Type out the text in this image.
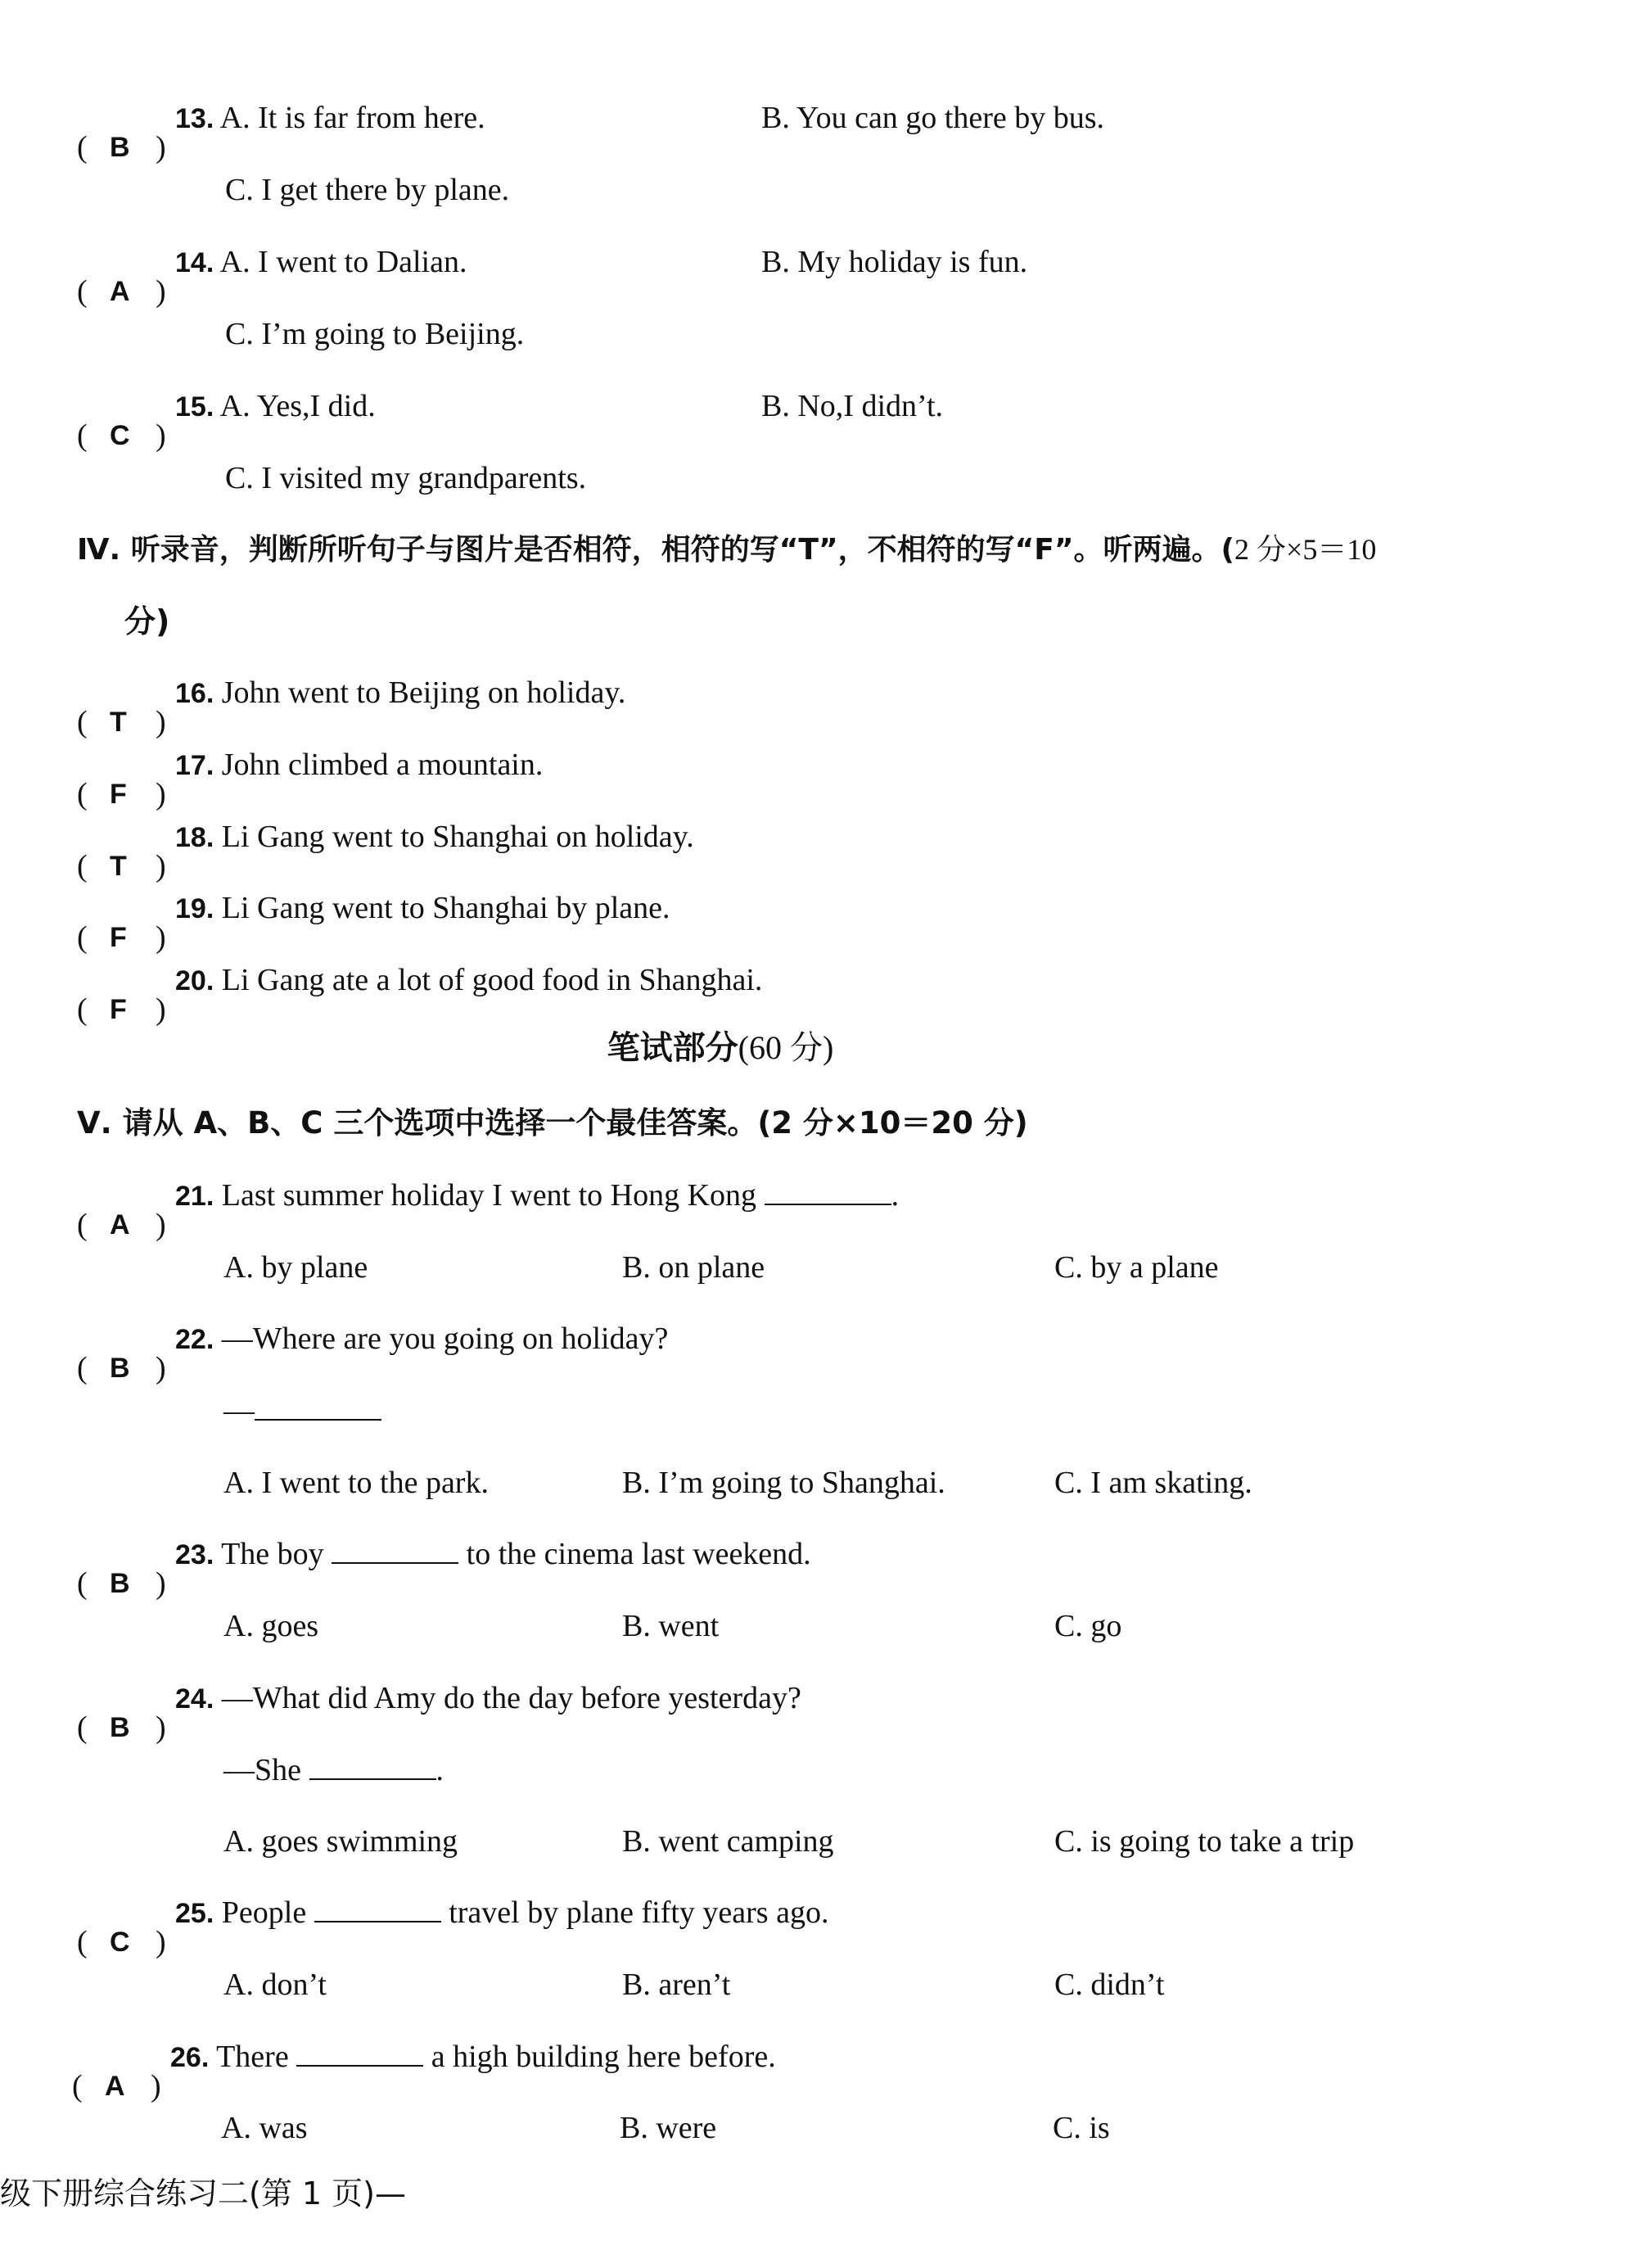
( B )
13. A. It is far from here.	B. You can go there by bus.
C. I get there by plane.
( A )
14. A. I went to Dalian.	B. My holiday is fun.
C. I’m going to Beijing.
( C )
15. A. Yes,I did.	B. No,I didn’t.
C. I visited my grandparents.
Ⅳ. 听录音，判断所听句子与图片是否相符，相符的写“T”，不相符的写“F”。听两遍。(2 分×5＝10
分)
( T )
16. John went to Beijing on holiday.
( F )
17. John climbed a mountain.
( T )
18. Li Gang went to Shanghai on holiday.
( F )
19. Li Gang went to Shanghai by plane.
( F )
20. Li Gang ate a lot of good food in Shanghai.
笔试部分(60 分)
Ⅴ. 请从 A、B、C 三个选项中选择一个最佳答案。(2 分×10＝20 分)
( A )
21. Last summer holiday I went to Hong Kong	.
A. by plane	B. on plane	C. by a plane
( B )
22. —Where are you going on holiday?
—
A. I went to the park.	B. I’m going to Shanghai.	C. I am skating.
( B )
23. The boy	to the cinema last weekend.
A. goes	B. went	C. go
( B )
24. —What did Amy do the day before yesterday?
—She	.
A. goes swimming	B. went camping	C. is going to take a trip
( C )
25. People	travel by plane fifty years ago.
A. don’t	B. aren’t	C. didn’t
( A )
26. There	a high building here before.
A. was	B. were	C. is
级下册综合练习二(第 1 页)—
